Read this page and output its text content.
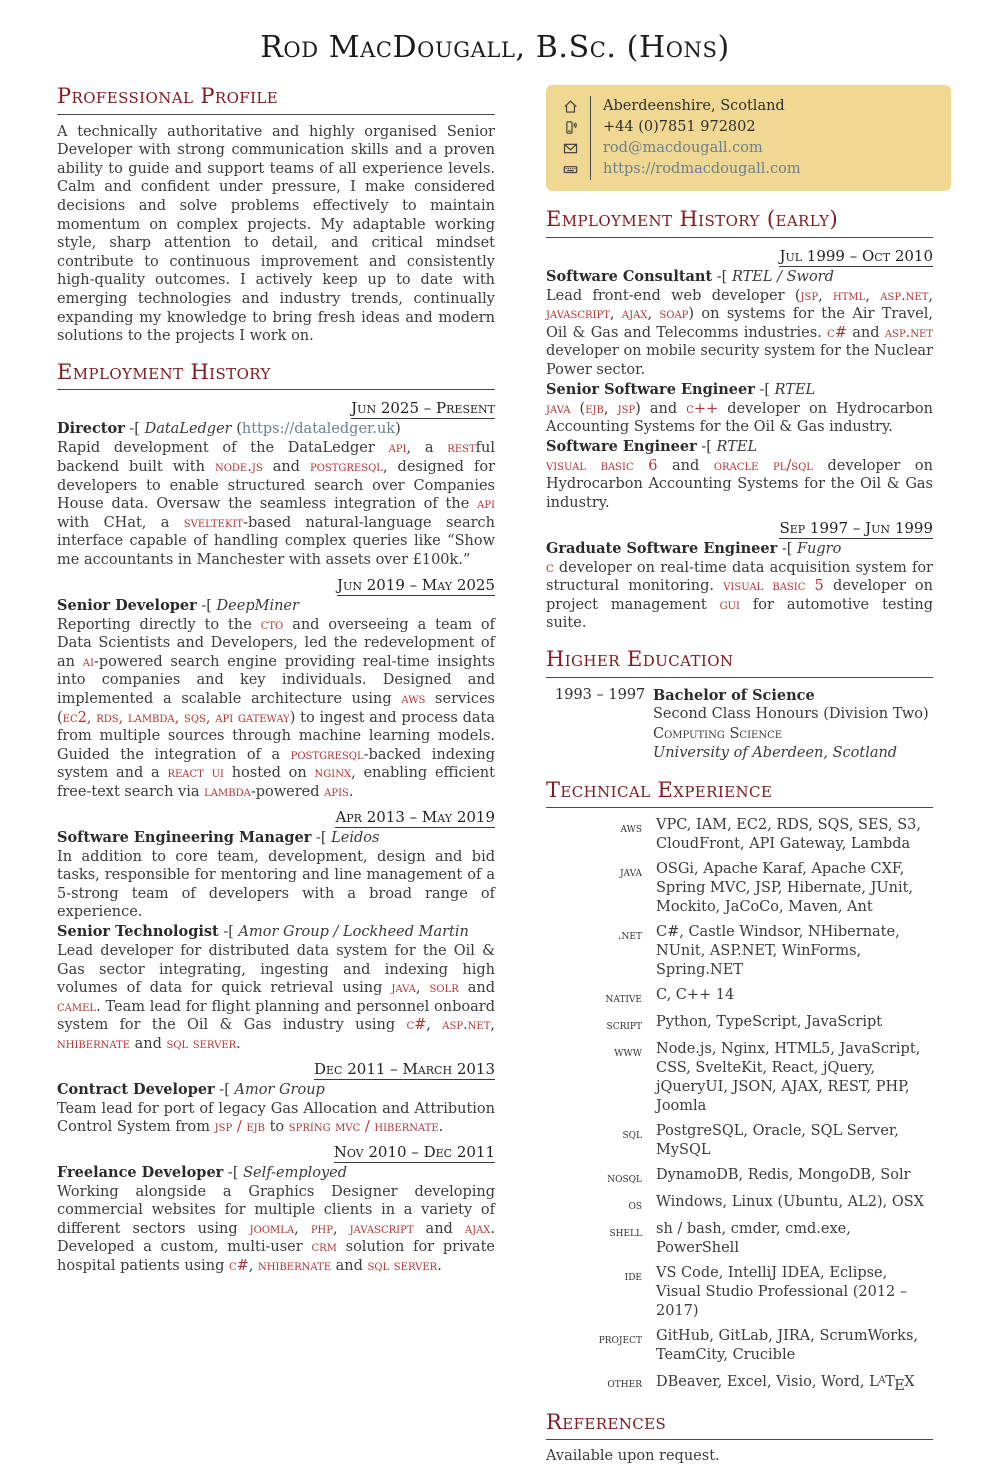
Rod MacDougall, B.Sc. (Hons)
Professional Profile

A technically authoritative and highly organised Senior Developer with strong communication skills and a proven ability to guide and support teams of all experience levels. Calm and confident under pressure, I make considered decisions and solve problems effectively to maintain momentum on complex projects. My adaptable working style, sharp attention to detail, and critical mindset contribute to continuous improvement and consistently high-quality outcomes. I actively keep up to date with emerging technologies and industry trends, continually expanding my knowledge to bring fresh ideas and modern solutions to the projects I work on.

Employment History
Jun 2025 – Present
Director -[ DataLedger (https://dataledger.uk)

Rapid development of the DataLedger api, a restful backend built with node.js and postgresql, designed for developers to enable structured search over Companies House data. Oversaw the seamless integration of the api with CHat, a sveltekit-based natural-language search interface capable of handling complex queries like “Show me accountants in Manchester with assets over £100k.”

Jun 2019 – May 2025
Senior Developer -[ DeepMiner

Reporting directly to the cto and overseeing a team of Data Scientists and Developers, led the redevelopment of an ai-powered search engine providing real-time insights into companies and key individuals. Designed and implemented a scalable architecture using aws services (ec2, rds, lambda, sqs, api gateway) to ingest and process data from multiple sources through machine learning models. Guided the integration of a postgresql-backed indexing system and a react ui hosted on nginx, enabling efficient free-text search via lambda-powered apis.

Apr 2013 – May 2019
Software Engineering Manager -[ Leidos

In addition to core team, development, design and bid tasks, responsible for mentoring and line management of a 5-strong team of developers with a broad range of experience.

Senior Technologist -[ Amor Group / Lockheed Martin

Lead developer for distributed data system for the Oil & Gas sector integrating, ingesting and indexing high volumes of data for quick retrieval using java, solr and camel. Team lead for flight planning and personnel onboard system for the Oil & Gas industry using c#, asp.net, nhibernate and sql server.

Dec 2011 – March 2013
Contract Developer -[ Amor Group

Team lead for port of legacy Gas Allocation and Attribution Control System from jsp / ejb to spring mvc / hibernate.

Nov 2010 – Dec 2011
Freelance Developer -[ Self-employed

Working alongside a Graphics Designer developing commercial websites for multiple clients in a variety of different sectors using joomla, php, javascript and ajax. Developed a custom, multi-user crm solution for private hospital patients using c#, nhibernate and sql server.

Aberdeenshire, Scotland
+44 (0)7851 972802
rod@macdougall.com
https://rodmacdougall.com
Employment History (early)
Jul 1999 – Oct 2010
Software Consultant -[ RTEL / Sword

Lead front-end web developer (jsp, html, asp.net, javascript, ajax, soap) on systems for the Air Travel, Oil & Gas and Telecomms industries. c# and asp.net developer on mobile security system for the Nuclear Power sector.

Senior Software Engineer -[ RTEL

java (ejb, jsp) and c++ developer on Hydrocarbon Accounting Systems for the Oil & Gas industry.

Software Engineer -[ RTEL

visual basic 6 and oracle pl/sql developer on Hydrocarbon Accounting Systems for the Oil & Gas industry.

Sep 1997 – Jun 1999
Graduate Software Engineer -[ Fugro

c developer on real-time data acquisition system for structural monitoring. visual basic 5 developer on project management gui for automotive testing suite.

Higher Education
1993 – 1997 Bachelor of Science
Second Class Honours (Division Two)
Computing Science
University of Aberdeen, Scotland
Technical Experience
aws VPC, IAM, EC2, RDS, SQS, SES, S3, CloudFront, API Gateway, Lambda
java OSGi, Apache Karaf, Apache CXF, Spring MVC, JSP, Hibernate, JUnit, Mockito, JaCoCo, Maven, Ant
.net C#, Castle Windsor, NHibernate, NUnit, ASP.NET, WinForms, Spring.NET
native C, C++ 14
script Python, TypeScript, JavaScript
www Node.js, Nginx, HTML5, JavaScript, CSS, SvelteKit, React, jQuery, jQueryUI, JSON, AJAX, REST, PHP, Joomla
sql PostgreSQL, Oracle, SQL Server, MySQL
nosql DynamoDB, Redis, MongoDB, Solr
os Windows, Linux (Ubuntu, AL2), OSX
shell sh / bash, cmder, cmd.exe, PowerShell
ide VS Code, IntelliJ IDEA, Eclipse, Visual Studio Professional (2012 – 2017)
project GitHub, GitLab, JIRA, ScrumWorks, TeamCity, Crucible
other DBeaver, Excel, Visio, Word, $L^ATEX$
References

Available upon request.
